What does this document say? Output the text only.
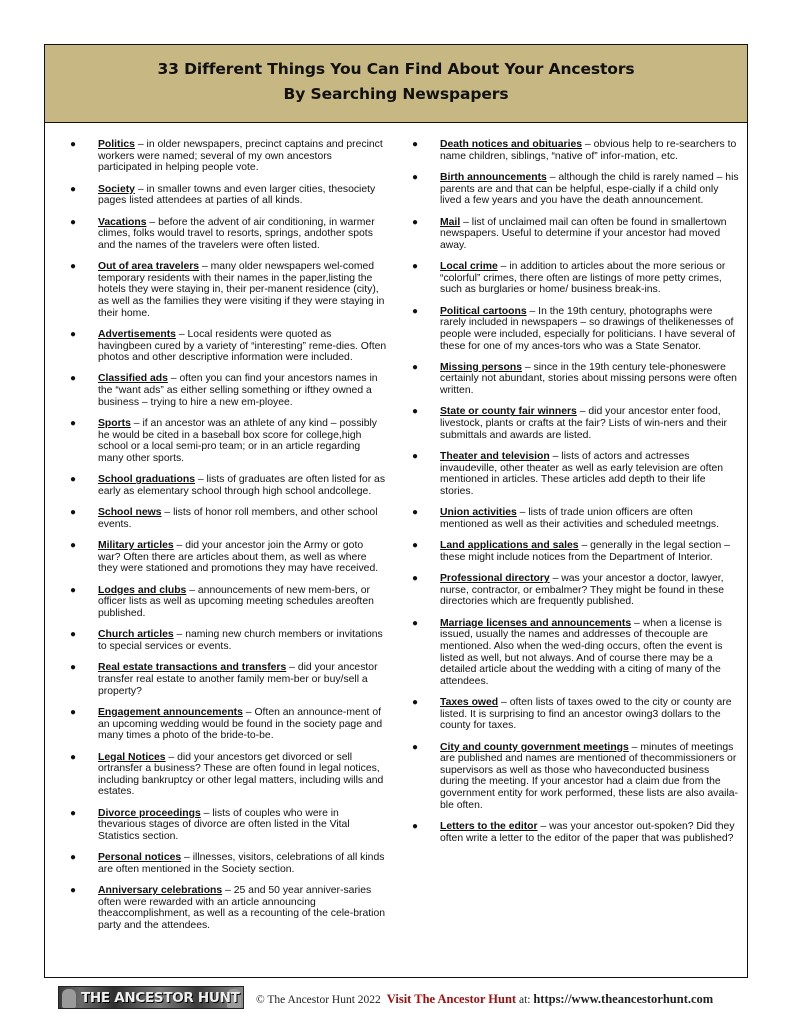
33 Different Things You Can Find About Your Ancestors
By Searching Newspapers
● Politics – in older newspapers, precinct captains and precinct workers were named; several of my own ancestors participated in helping people vote.
● Society – in smaller towns and even larger cities, thesociety pages listed attendees at parties of all kinds.
● Vacations – before the advent of air conditioning, in warmer climes, folks would travel to resorts, springs, andother spots and the names of the travelers were often listed.
● Out of area travelers – many older newspapers wel-comed temporary residents with their names in the paper,listing the hotels they were staying in, their per-manent residence (city), as well as the families they were visiting if they were staying in their home.
● Advertisements – Local residents were quoted as havingbeen cured by a variety of “interesting” reme-dies. Often photos and other descriptive information were included.
● Classified ads – often you can find your ancestors names in the “want ads” as either selling something or ifthey owned a business – trying to hire a new em-ployee.
● Sports – if an ancestor was an athlete of any kind – possibly he would be cited in a baseball box score for college,high school or a local semi-pro team; or in an article regarding many other sports.
● School graduations – lists of graduates are often listed for as early as elementary school through high school andcollege.
● School news – lists of honor roll members, and other school events.
● Military articles – did your ancestor join the Army or goto war? Often there are articles about them, as well as where they were stationed and promotions they may have received.
● Lodges and clubs – announcements of new mem-bers, or officer lists as well as upcoming meeting schedules areoften published.
● Church articles – naming new church members or invitations to special services or events.
● Real estate transactions and transfers – did your ancestor transfer real estate to another family mem-ber or buy/sell a property?
● Engagement announcements – Often an announce-ment of an upcoming wedding would be found in the society page and many times a photo of the bride-to-be.
● Legal Notices – did your ancestors get divorced or sell ortransfer a business? These are often found in legal notices, including bankruptcy or other legal matters, including wills and estates.
● Divorce proceedings – lists of couples who were in thevarious stages of divorce are often listed in the Vital Statistics section.
● Personal notices – illnesses, visitors, celebrations of all kinds are often mentioned in the Society section.
● Anniversary celebrations – 25 and 50 year anniver-saries often were rewarded with an article announcing theaccomplishment, as well as a recounting of the cele-bration party and the attendees.
● Death notices and obituaries – obvious help to re-searchers to name children, siblings, “native of” infor-mation, etc.
● Birth announcements – although the child is rarely named – his parents are and that can be helpful, espe-cially if a child only lived a few years and you have the death announcement.
● Mail – list of unclaimed mail can often be found in smallertown newspapers. Useful to determine if your ancestor had moved away.
● Local crime – in addition to articles about the more serious or “colorful” crimes, there often are listings of more petty crimes, such as burglaries or home/ business break-ins.
● Political cartoons – In the 19th century, photographs were rarely included in newspapers – so drawings of thelikenesses of people were included, especially for politicians. I have several of these for one of my ances-tors who was a State Senator.
● Missing persons – since in the 19th century tele-phoneswere certainly not abundant, stories about missing persons were often written.
● State or county fair winners – did your ancestor enter food, livestock, plants or crafts at the fair? Lists of win-ners and their submittals and awards are listed.
● Theater and television – lists of actors and actresses invaudeville, other theater as well as early television are often mentioned in articles. These articles add depth to their life stories.
● Union activities – lists of trade union officers are often mentioned as well as their activities and scheduled meetngs.
● Land applications and sales – generally in the legal section – these might include notices from the Department of Interior.
● Professional directory – was your ancestor a doctor, lawyer, nurse, contractor, or embalmer? They might be found in these directories which are frequently published.
● Marriage licenses and announcements – when a license is issued, usually the names and addresses of thecouple are mentioned. Also when the wed-ding occurs, often the event is listed as well, but not always. And of course there may be a detailed article about the wedding with a citing of many of the attendees.
● Taxes owed – often lists of taxes owed to the city or county are listed. It is surprising to find an ancestor owing3 dollars to the county for taxes.
● City and county government meetings – minutes of meetings are published and names are mentioned of thecommissioners or supervisors as well as those who haveconducted business during the meeting. If your ancestor had a claim due from the government entity for work performed, these lists are also availa-ble often.
● Letters to the editor – was your ancestor out-spoken? Did they often write a letter to the editor of the paper that was published?
THE ANCESTOR HUNT © The Ancestor Hunt 2022 Visit The Ancestor Hunt at: https://www.theancestorhunt.com
